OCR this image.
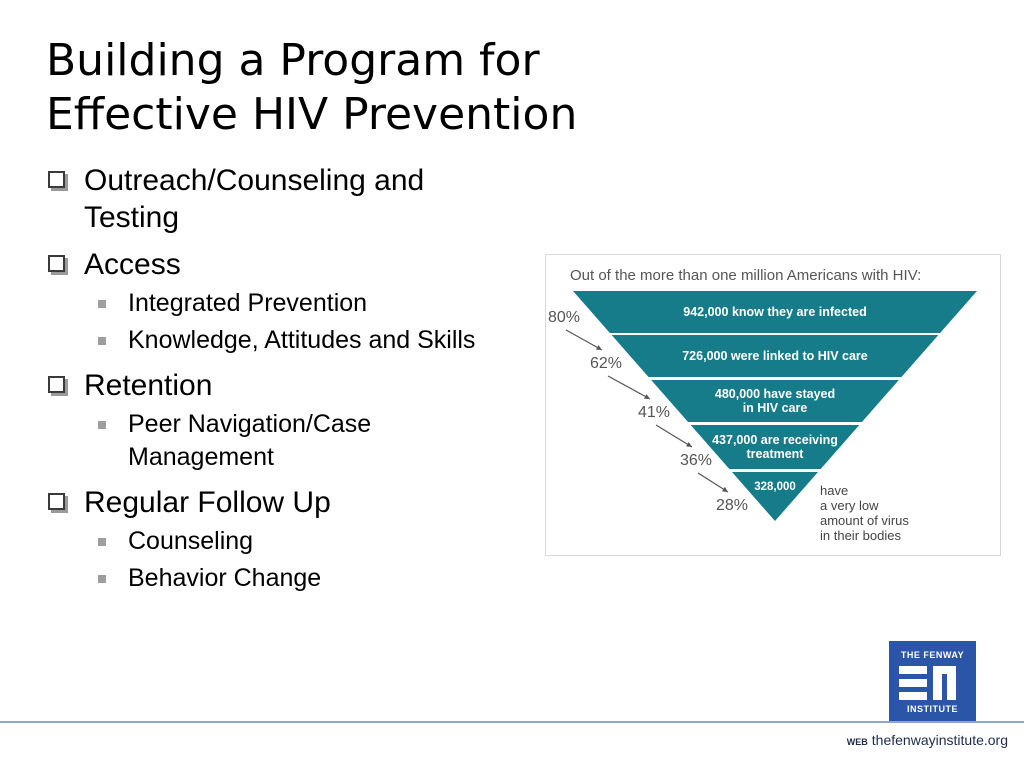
Building a Program for
Effective HIV Prevention
Outreach/Counseling and Testing
Access
Integrated Prevention
Knowledge, Attitudes and Skills
Retention
Peer Navigation/Case Management
Regular Follow Up
Counseling
Behavior Change
Out of the more than one million Americans with HIV:
942,000 know they are infected
80%
726,000 were linked to HIV care
62%
480,000 have stayed
in HIV care
41%
437,000 are receiving
treatment
36%
328,000 have
a very low
amount of virus
in their bodies
28%
THE FENWAY
INSTITUTE
WEB thefenwayinstitute.org
